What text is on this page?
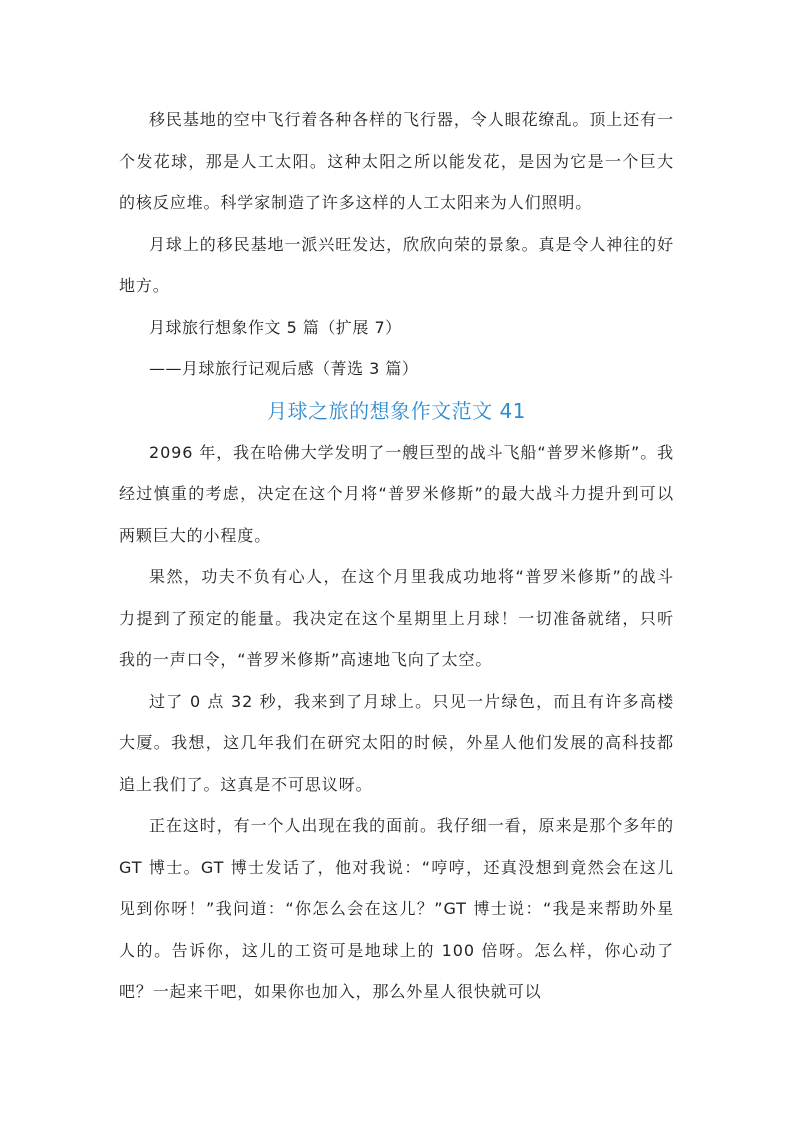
移民基地的空中飞行着各种各样的飞行器，令人眼花缭乱。顶上还有一个发花球，那是人工太阳。这种太阳之所以能发花，是因为它是一个巨大的核反应堆。科学家制造了许多这样的人工太阳来为人们照明。

月球上的移民基地一派兴旺发达，欣欣向荣的景象。真是令人神往的好地方。

月球旅行想象作文 5 篇（扩展 7）

——月球旅行记观后感（菁选 3 篇）

月球之旅的想象作文范文 41

2096 年，我在哈佛大学发明了一艘巨型的战斗飞船“普罗米修斯”。我经过慎重的考虑，决定在这个月将“普罗米修斯”的最大战斗力提升到可以两颗巨大的小程度。

果然，功夫不负有心人，在这个月里我成功地将“普罗米修斯”的战斗力提到了预定的能量。我决定在这个星期里上月球！一切准备就绪，只听我的一声口令，“普罗米修斯”高速地飞向了太空。

过了 0 点 32 秒，我来到了月球上。只见一片绿色，而且有许多高楼大厦。我想，这几年我们在研究太阳的时候，外星人他们发展的高科技都追上我们了。这真是不可思议呀。

正在这时，有一个人出现在我的面前。我仔细一看，原来是那个多年的 GT 博士。GT 博士发话了，他对我说：“哼哼，还真没想到竟然会在这儿见到你呀！”我问道：“你怎么会在这儿？”GT 博士说：“我是来帮助外星人的。告诉你，这儿的工资可是地球上的 100 倍呀。怎么样，你心动了吧？一起来干吧，如果你也加入，那么外星人很快就可以
